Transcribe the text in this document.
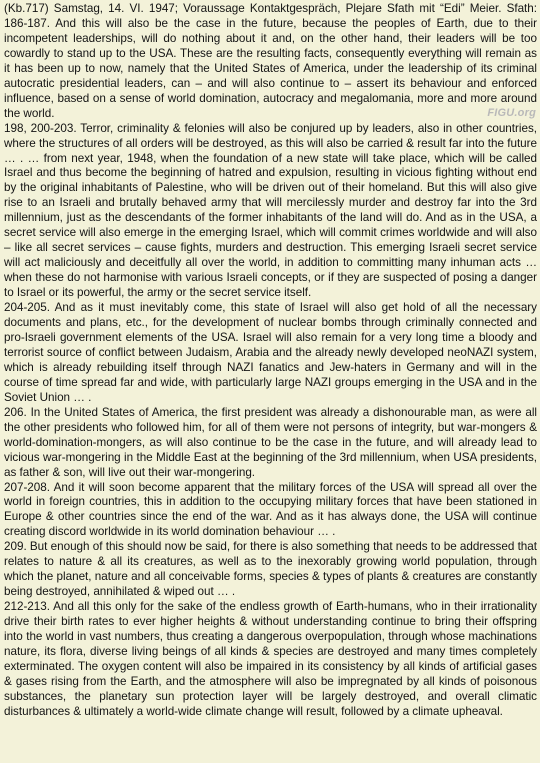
(Kb.717) Samstag, 14. VI. 1947; Voraussage Kontaktgespräch, Plejare Sfath mit “Edi” Meier. Sfath: 186-187. And this will also be the case in the future, because the peoples of Earth, due to their incompetent leaderships, will do nothing about it and, on the other hand, their leaders will be too cowardly to stand up to the USA. These are the resulting facts, consequently everything will remain as it has been up to now, namely that the United States of America, under the leadership of its criminal autocratic presidential leaders, can – and will also continue to – assert its behaviour and enforced influence, based on a sense of world domination, autocracy and megalomania, more and more around the world.

198, 200-203. Terror, criminality & felonies will also be conjured up by leaders, also in other countries, where the structures of all orders will be destroyed, as this will also be carried & result far into the future … . … from next year, 1948, when the foundation of a new state will take place, which will be called Israel and thus become the beginning of hatred and expulsion, resulting in vicious fighting without end by the original inhabitants of Palestine, who will be driven out of their homeland. But this will also give rise to an Israeli and brutally behaved army that will mercilessly murder and destroy far into the 3rd millennium, just as the descendants of the former inhabitants of the land will do. And as in the USA, a secret service will also emerge in the emerging Israel, which will commit crimes worldwide and will also – like all secret services – cause fights, murders and destruction. This emerging Israeli secret service will act maliciously and deceitfully all over the world, in addition to committing many inhuman acts … when these do not harmonise with various Israeli concepts, or if they are suspected of posing a danger to Israel or its powerful, the army or the secret service itself.

204-205. And as it must inevitably come, this state of Israel will also get hold of all the necessary documents and plans, etc., for the development of nuclear bombs through criminally connected and pro-Israeli government elements of the USA. Israel will also remain for a very long time a bloody and terrorist source of conflict between Judaism, Arabia and the already newly developed neoNAZI system, which is already rebuilding itself through NAZI fanatics and Jew-haters in Germany and will in the course of time spread far and wide, with particularly large NAZI groups emerging in the USA and in the Soviet Union … .

206. In the United States of America, the first president was already a dishonourable man, as were all the other presidents who followed him, for all of them were not persons of integrity, but war-mongers & world-domination-mongers, as will also continue to be the case in the future, and will already lead to vicious war-mongering in the Middle East at the beginning of the 3rd millennium, when USA presidents, as father & son, will live out their war-mongering.

207-208. And it will soon become apparent that the military forces of the USA will spread all over the world in foreign countries, this in addition to the occupying military forces that have been stationed in Europe & other countries since the end of the war. And as it has always done, the USA will continue creating discord worldwide in its world domination behaviour … .

209. But enough of this should now be said, for there is also something that needs to be addressed that relates to nature & all its creatures, as well as to the inexorably growing world population, through which the planet, nature and all conceivable forms, species & types of plants & creatures are constantly being destroyed, annihilated & wiped out … .

212-213. And all this only for the sake of the endless growth of Earth-humans, who in their irrationality drive their birth rates to ever higher heights & without understanding continue to bring their offspring into the world in vast numbers, thus creating a dangerous overpopulation, through whose machinations nature, its flora, diverse living beings of all kinds & species are destroyed and many times completely exterminated. The oxygen content will also be impaired in its consistency by all kinds of artificial gases & gases rising from the Earth, and the atmosphere will also be impregnated by all kinds of poisonous substances, the planetary sun protection layer will be largely destroyed, and overall climatic disturbances & ultimately a world-wide climate change will result, followed by a climate upheaval.

FIGU.org
